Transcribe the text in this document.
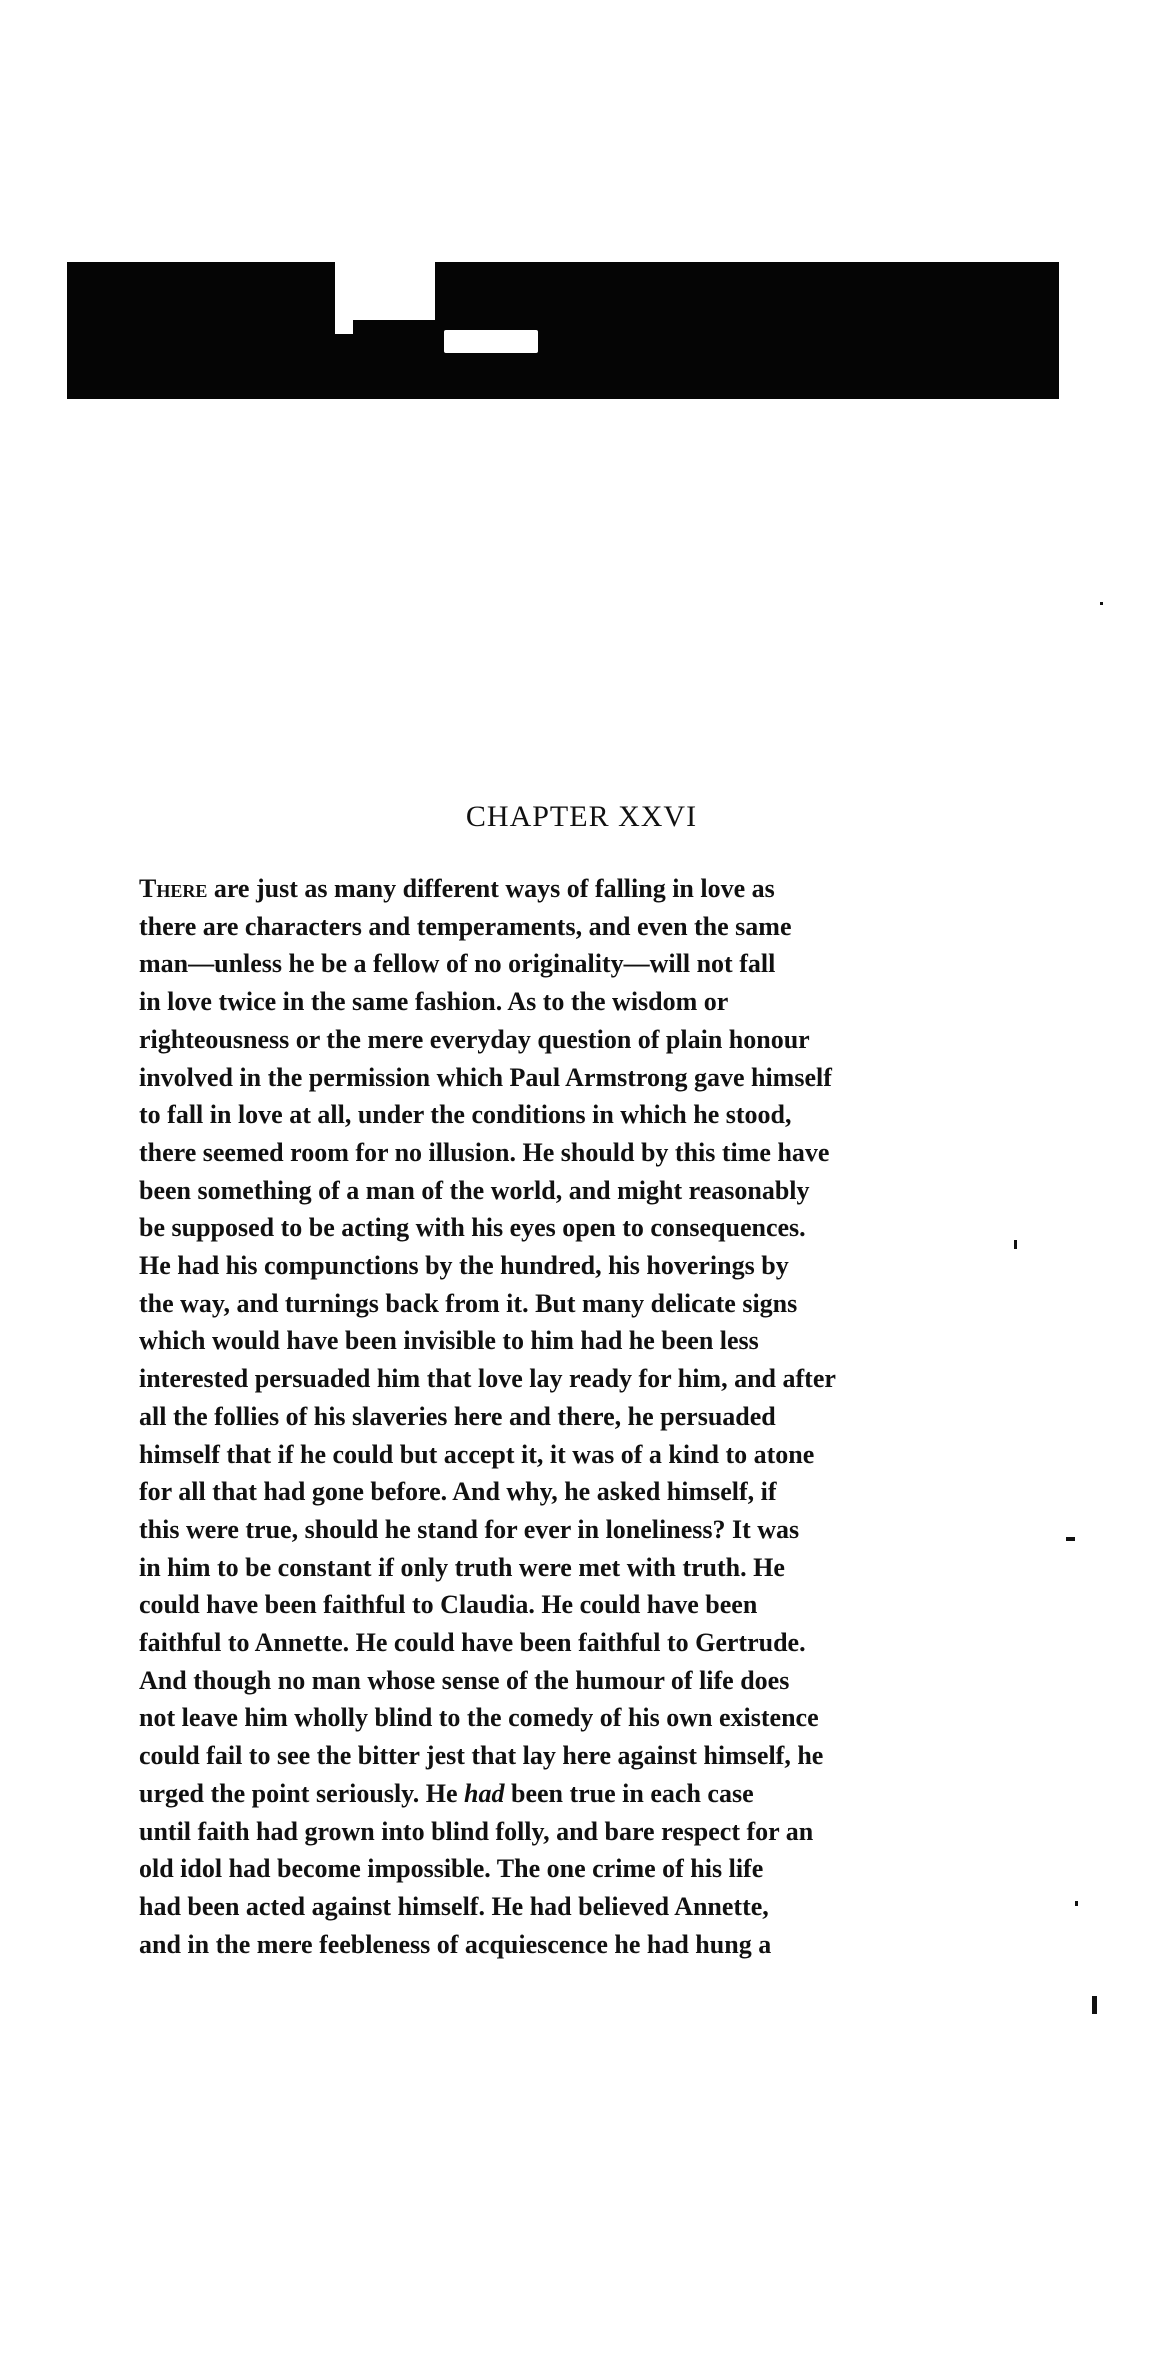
CHAPTER XXVI

There are just as many different ways of falling in love as
there are characters and temperaments, and even the same
man—unless he be a fellow of no originality—will not fall
in love twice in the same fashion. As to the wisdom or
righteousness or the mere everyday question of plain honour
involved in the permission which Paul Armstrong gave himself
to fall in love at all, under the conditions in which he stood,
there seemed room for no illusion. He should by this time have
been something of a man of the world, and might reasonably
be supposed to be acting with his eyes open to consequences.
He had his compunctions by the hundred, his hoverings by
the way, and turnings back from it. But many delicate signs
which would have been invisible to him had he been less
interested persuaded him that love lay ready for him, and after
all the follies of his slaveries here and there, he persuaded
himself that if he could but accept it, it was of a kind to atone
for all that had gone before. And why, he asked himself, if
this were true, should he stand for ever in loneliness? It was
in him to be constant if only truth were met with truth. He
could have been faithful to Claudia. He could have been
faithful to Annette. He could have been faithful to Gertrude.
And though no man whose sense of the humour of life does
not leave him wholly blind to the comedy of his own existence
could fail to see the bitter jest that lay here against himself, he
urged the point seriously. He had been true in each case
until faith had grown into blind folly, and bare respect for an
old idol had become impossible. The one crime of his life
had been acted against himself. He had believed Annette,
and in the mere feebleness of acquiescence he had hung a
